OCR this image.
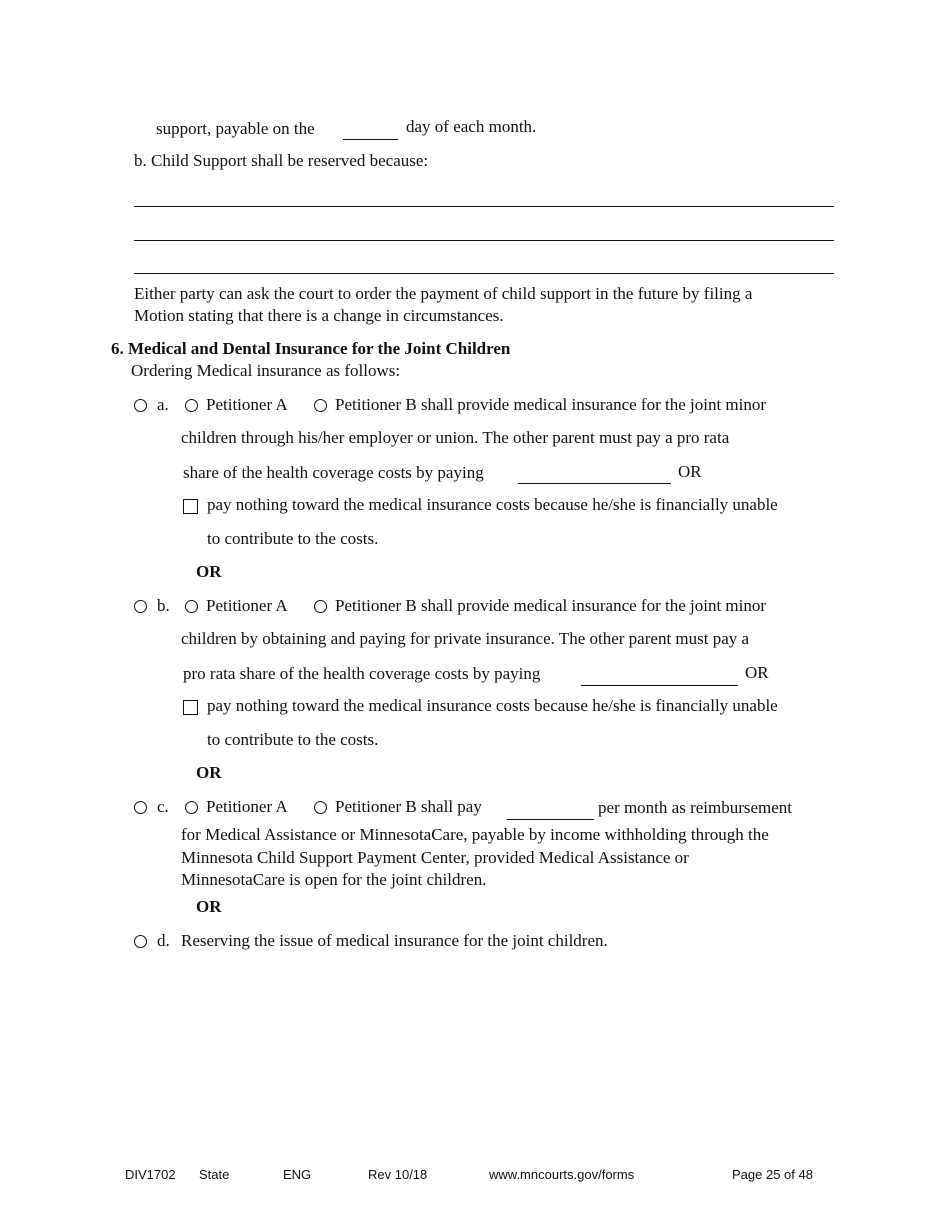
support, payable on the	day of each month.
b. Child Support shall be reserved because:
Either party can ask the court to order the payment of child support in the future by filing a
Motion stating that there is a change in circumstances.
6. Medical and Dental Insurance for the Joint Children
Ordering Medical insurance as follows:
a. Petitioner A	Petitioner B shall provide medical insurance for the joint minor
children through his/her employer or union. The other parent must pay a pro rata
share of the health coverage costs by paying	OR
pay nothing toward the medical insurance costs because he/she is financially unable
to contribute to the costs.
OR
b. Petitioner A	Petitioner B shall provide medical insurance for the joint minor
children by obtaining and paying for private insurance. The other parent must pay a
pro rata share of the health coverage costs by paying	OR
pay nothing toward the medical insurance costs because he/she is financially unable
to contribute to the costs.
OR
c. Petitioner A	Petitioner B shall pay	per month as reimbursement
for Medical Assistance or MinnesotaCare, payable by income withholding through the
Minnesota Child Support Payment Center, provided Medical Assistance or
MinnesotaCare is open for the joint children.
OR
d. Reserving the issue of medical insurance for the joint children.
DIV1702 State	ENG	Rev 10/18	www.mncourts.gov/forms	Page 25 of 48
